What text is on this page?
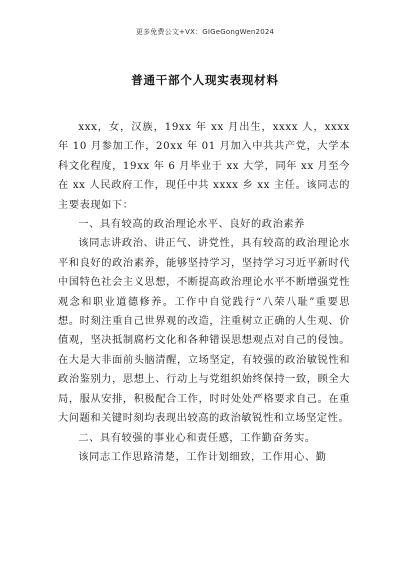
更多免费公文+VX：GIGeGongWen2024
普通干部个人现实表现材料

xxx，女，汉族，19xx 年 xx 月出生，xxxx 人，xxxx 年 10 月参加工作，20xx 年 01 月加入中共共产党，大学本科文化程度，19xx 年 6 月毕业于 xx 大学，同年 xx 月至今在 xx 人民政府工作，现任中共 xxxx 乡 xx 主任。该同志的主要表现如下：

一、具有较高的政治理论水平、良好的政治素养

该同志讲政治、讲正气、讲党性，具有较高的政治理论水平和良好的政治素养，能够坚持学习，坚持学习习近平新时代中国特色社会主义思想，不断提高政治理论水平不断增强党性观念和职业道德修养。工作中自觉践行“八荣八耻”重要思想。时刻注重自己世界观的改造，注重树立正确的人生观、价值观，坚决抵制腐朽文化和各种错误思想观点对自己的侵蚀。在大是大非面前头脑清醒，立场坚定，有较强的政治敏锐性和政治鉴别力，思想上、行动上与党组织始终保持一致，顾全大局，服从安排，积极配合工作，时时处处严格要求自己。在重大问题和关键时刻均表现出较高的政治敏锐性和立场坚定性。

二、具有较强的事业心和责任感，工作勤奋务实。

该同志工作思路清楚，工作计划细致，工作用心、勤
